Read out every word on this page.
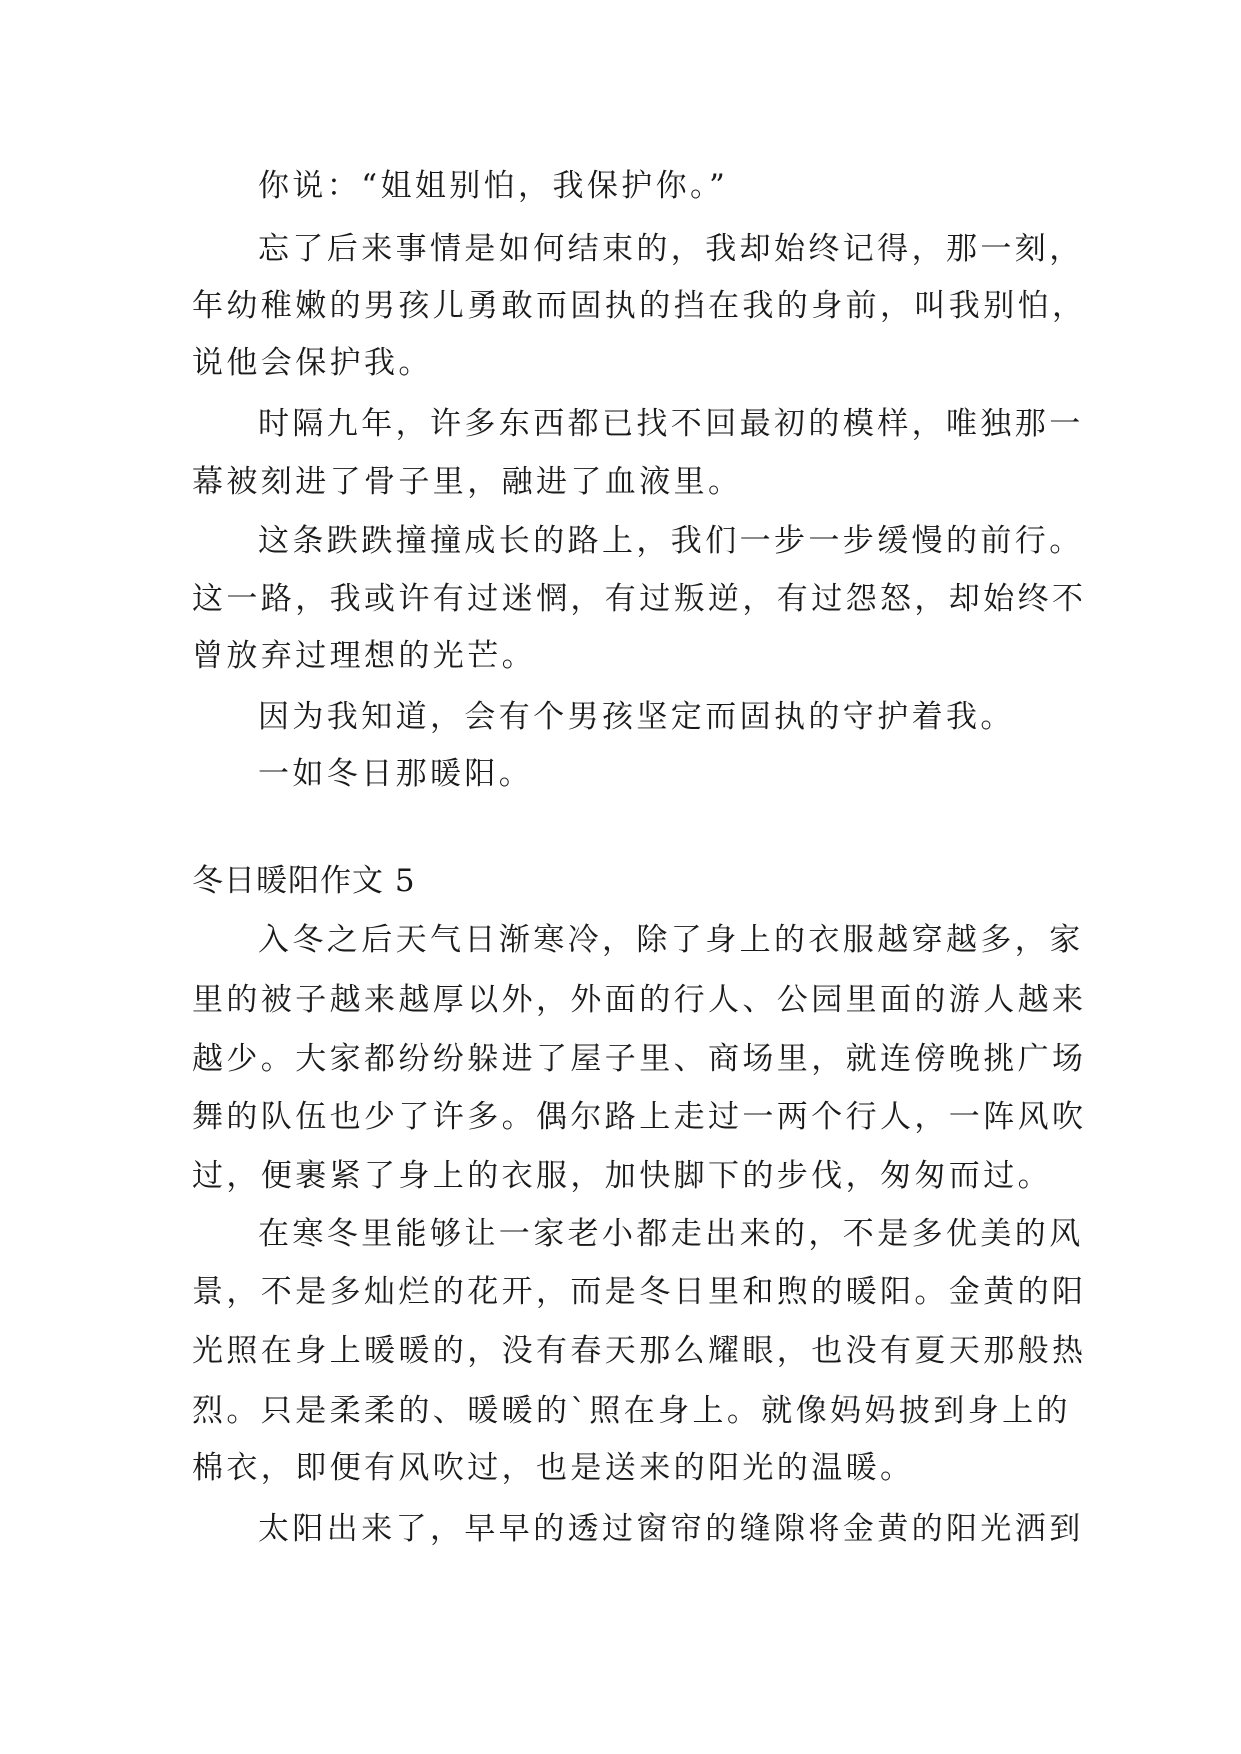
你说：“姐姐别怕，我保护你。”
忘了后来事情是如何结束的，我却始终记得，那一刻，
年幼稚嫩的男孩儿勇敢而固执的挡在我的身前，叫我别怕，
说他会保护我。
时隔九年，许多东西都已找不回最初的模样，唯独那一
幕被刻进了骨子里，融进了血液里。
这条跌跌撞撞成长的路上，我们一步一步缓慢的前行。
这一路，我或许有过迷惘，有过叛逆，有过怨怒，却始终不
曾放弃过理想的光芒。
因为我知道，会有个男孩坚定而固执的守护着我。
一如冬日那暖阳。
冬日暖阳作文 5
入冬之后天气日渐寒冷，除了身上的衣服越穿越多，家
里的被子越来越厚以外，外面的行人、公园里面的游人越来
越少。大家都纷纷躲进了屋子里、商场里，就连傍晚挑广场
舞的队伍也少了许多。偶尔路上走过一两个行人，一阵风吹
过，便裹紧了身上的衣服，加快脚下的步伐，匆匆而过。
在寒冬里能够让一家老小都走出来的，不是多优美的风
景，不是多灿烂的花开，而是冬日里和煦的暖阳。金黄的阳
光照在身上暖暖的，没有春天那么耀眼，也没有夏天那般热
烈。只是柔柔的、暖暖的`照在身上。就像妈妈披到身上的
棉衣，即便有风吹过，也是送来的阳光的温暖。
太阳出来了，早早的透过窗帘的缝隙将金黄的阳光洒到
